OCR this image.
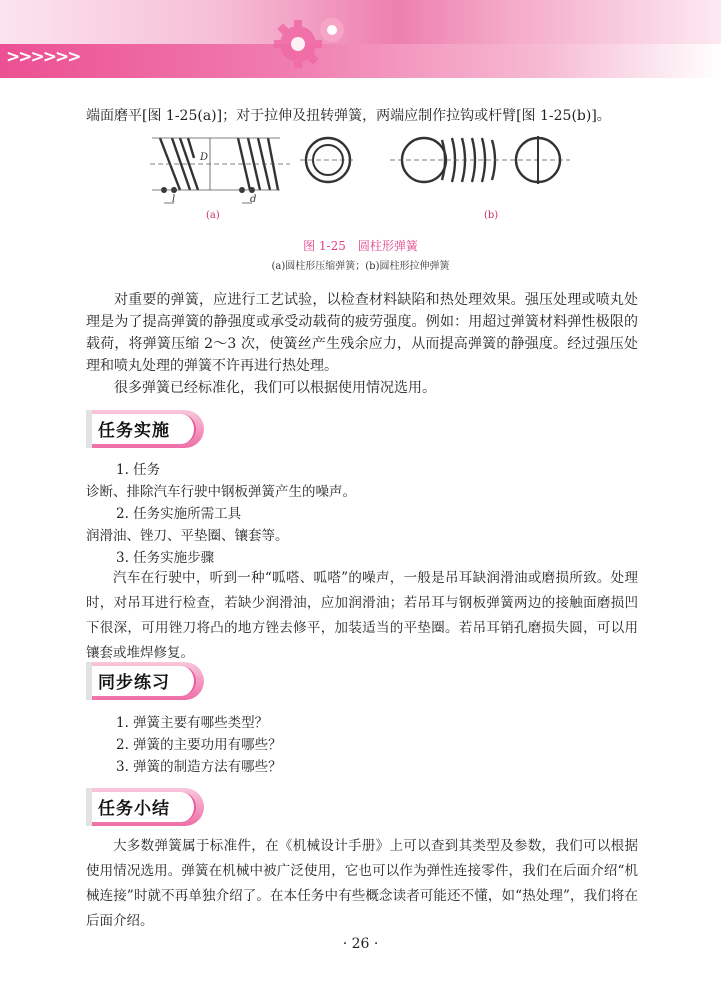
>>>>>>
端面磨平[图 1-25(a)]；对于拉伸及扭转弹簧，两端应制作拉钩或杆臂[图 1-25(b)]。
D
l	d
(a)	(b)
图 1-25　圆柱形弹簧
(a)圆柱形压缩弹簧；(b)圆柱形拉伸弹簧
对重要的弹簧，应进行工艺试验，以检查材料缺陷和热处理效果。强压处理或喷丸处理是为了提高弹簧的静强度或承受动载荷的疲劳强度。例如：用超过弹簧材料弹性极限的载荷，将弹簧压缩 2～3 次，使簧丝产生残余应力，从而提高弹簧的静强度。经过强压处理和喷丸处理的弹簧不许再进行热处理。
很多弹簧已经标准化，我们可以根据使用情况选用。
任务实施
1. 任务
诊断、排除汽车行驶中钢板弹簧产生的噪声。
2. 任务实施所需工具
润滑油、锉刀、平垫圈、镶套等。
3. 任务实施步骤
汽车在行驶中，听到一种“呱嗒、呱嗒”的噪声，一般是吊耳缺润滑油或磨损所致。处理时，对吊耳进行检查，若缺少润滑油，应加润滑油；若吊耳与钢板弹簧两边的接触面磨损凹下很深，可用锉刀将凸的地方锉去修平，加装适当的平垫圈。若吊耳销孔磨损失圆，可以用镶套或堆焊修复。
同步练习
1. 弹簧主要有哪些类型？
2. 弹簧的主要功用有哪些？
3. 弹簧的制造方法有哪些？
任务小结
大多数弹簧属于标准件，在《机械设计手册》上可以查到其类型及参数，我们可以根据使用情况选用。弹簧在机械中被广泛使用，它也可以作为弹性连接零件，我们在后面介绍“机械连接”时就不再单独介绍了。在本任务中有些概念读者可能还不懂，如“热处理”，我们将在后面介绍。
· 26 ·
